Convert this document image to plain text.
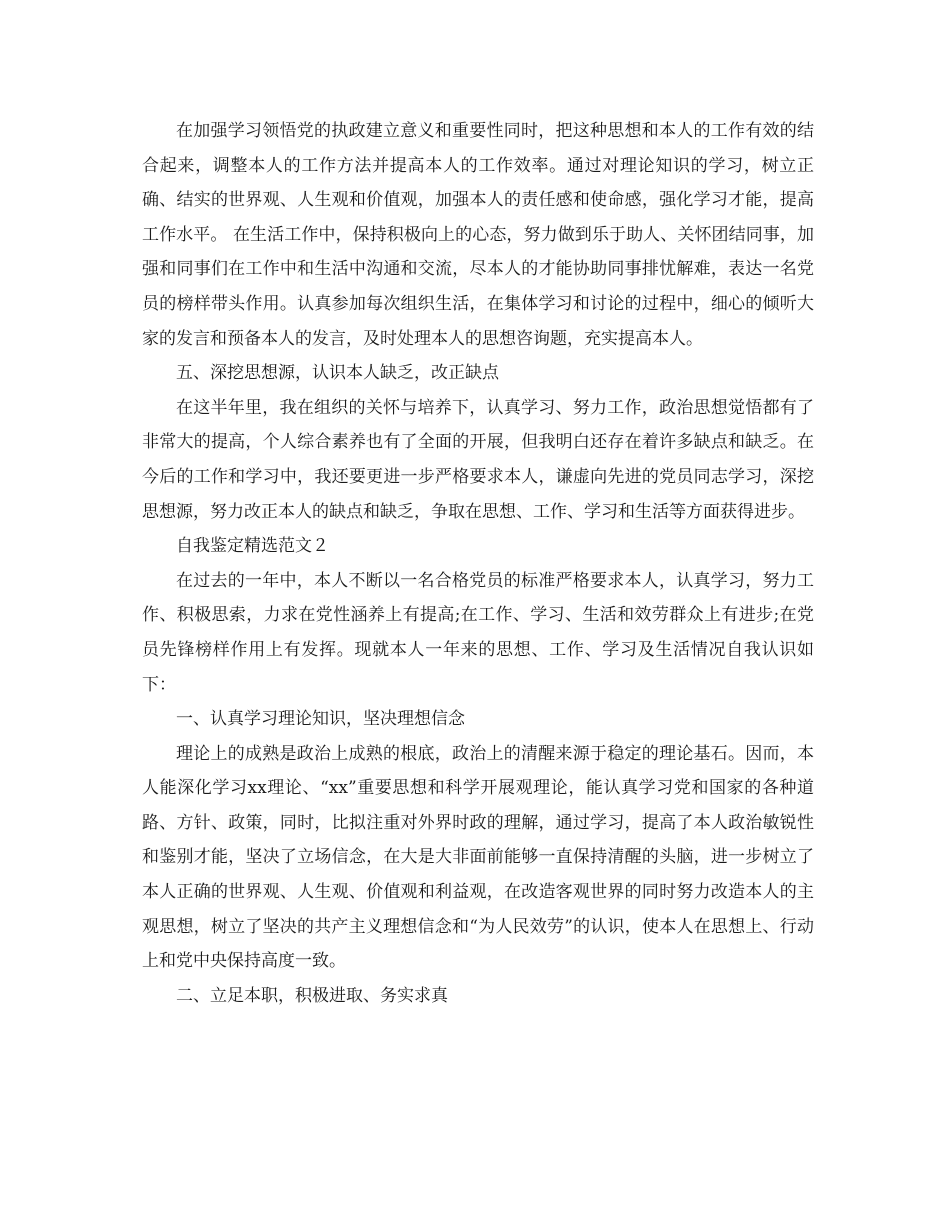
在加强学习领悟党的执政建立意义和重要性同时，把这种思想和本人的工作有效的结合起来，调整本人的工作方法并提高本人的工作效率。通过对理论知识的学习，树立正确、结实的世界观、人生观和价值观，加强本人的责任感和使命感，强化学习才能，提高工作水平。 在生活工作中，保持积极向上的心态，努力做到乐于助人、关怀团结同事，加强和同事们在工作中和生活中沟通和交流，尽本人的才能协助同事排忧解难，表达一名党员的榜样带头作用。认真参加每次组织生活，在集体学习和讨论的过程中，细心的倾听大家的发言和预备本人的发言，及时处理本人的思想咨询题，充实提高本人。

五、深挖思想源，认识本人缺乏，改正缺点

在这半年里，我在组织的关怀与培养下，认真学习、努力工作，政治思想觉悟都有了非常大的提高，个人综合素养也有了全面的开展，但我明白还存在着许多缺点和缺乏。在今后的工作和学习中，我还要更进一步严格要求本人，谦虚向先进的党员同志学习，深挖思想源，努力改正本人的缺点和缺乏，争取在思想、工作、学习和生活等方面获得进步。

自我鉴定精选范文２

在过去的一年中，本人不断以一名合格党员的标准严格要求本人，认真学习，努力工作、积极思索，力求在党性涵养上有提高;在工作、学习、生活和效劳群众上有进步;在党员先锋榜样作用上有发挥。现就本人一年来的思想、工作、学习及生活情况自我认识如下：

一、认真学习理论知识，坚决理想信念

理论上的成熟是政治上成熟的根底，政治上的清醒来源于稳定的理论基石。因而，本人能深化学习xx理论、“xx”重要思想和科学开展观理论，能认真学习党和国家的各种道路、方针、政策，同时，比拟注重对外界时政的理解，通过学习，提高了本人政治敏锐性和鉴别才能，坚决了立场信念，在大是大非面前能够一直保持清醒的头脑，进一步树立了本人正确的世界观、人生观、价值观和利益观，在改造客观世界的同时努力改造本人的主观思想，树立了坚决的共产主义理想信念和“为人民效劳”的认识，使本人在思想上、行动上和党中央保持高度一致。

二、立足本职，积极进取、务实求真
